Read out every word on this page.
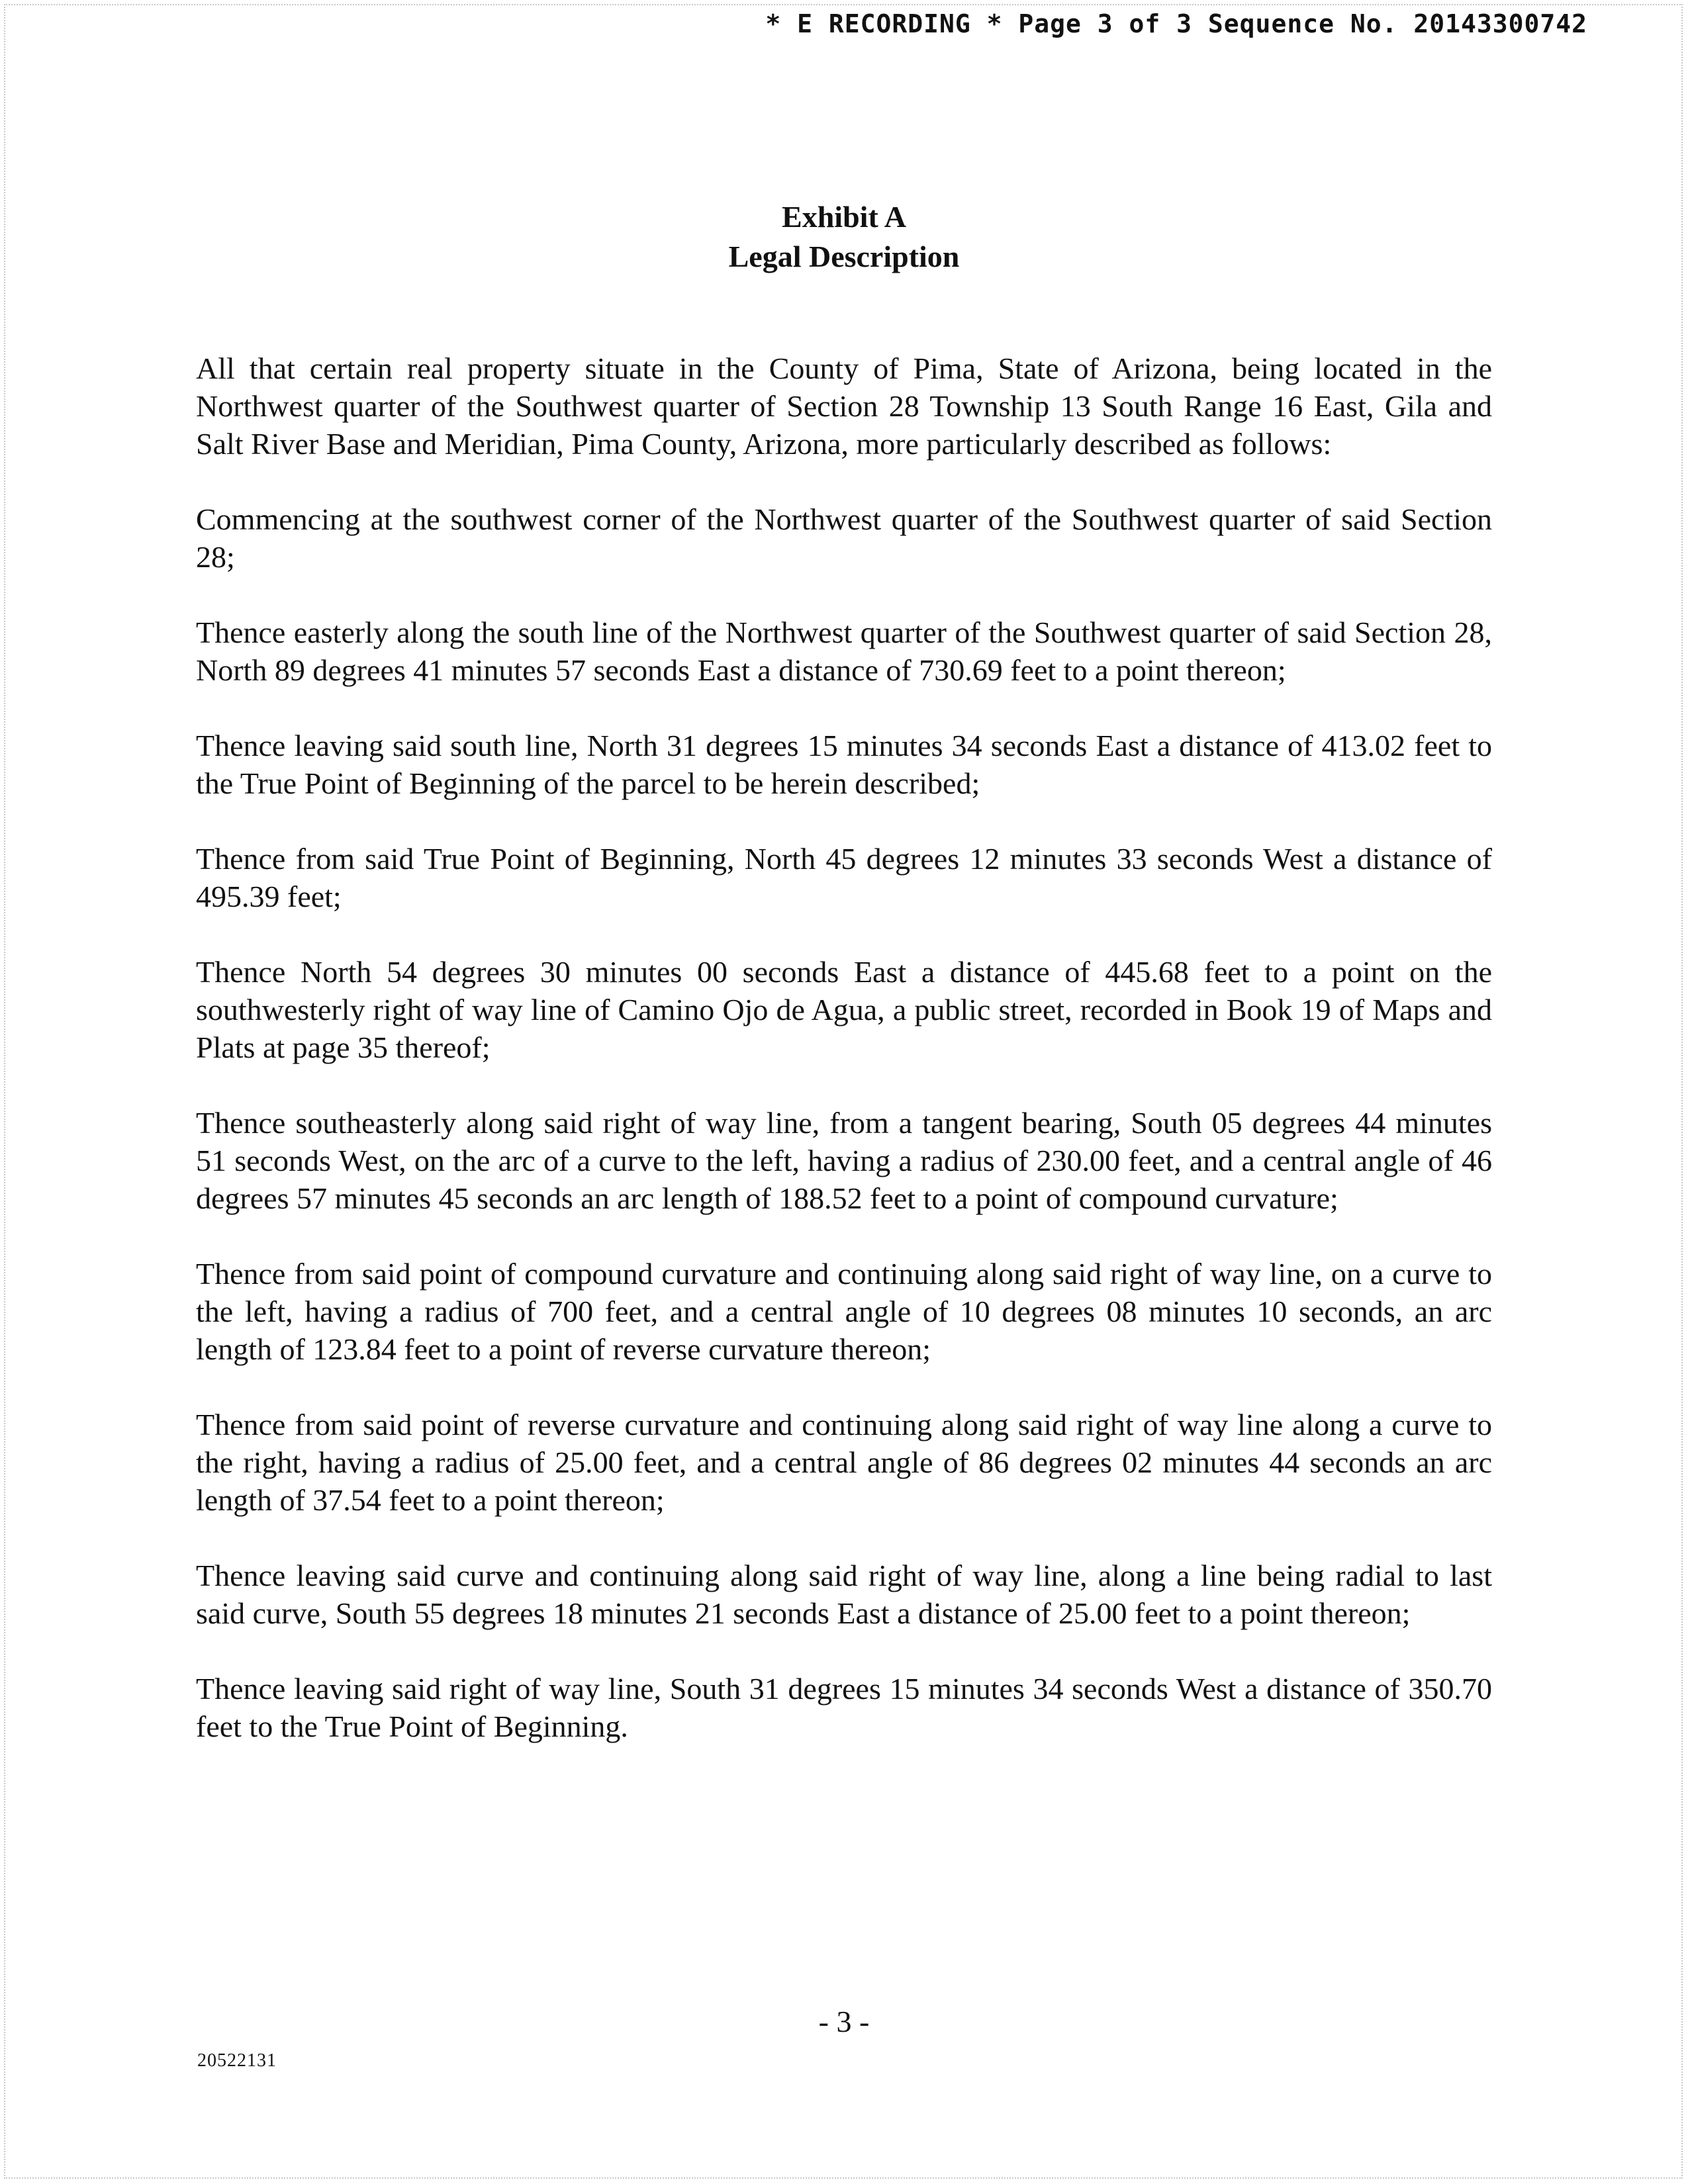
* E RECORDING * Page 3 of 3 Sequence No. 20143300742
Exhibit A
Legal Description

All that certain real property situate in the County of Pima, State of Arizona, being located in the Northwest quarter of the Southwest quarter of Section 28 Township 13 South Range 16 East, Gila and Salt River Base and Meridian, Pima County, Arizona, more particularly described as follows:

Commencing at the southwest corner of the Northwest quarter of the Southwest quarter of said Section 28;

Thence easterly along the south line of the Northwest quarter of the Southwest quarter of said Section 28, North 89 degrees 41 minutes 57 seconds East a distance of 730.69 feet to a point thereon;

Thence leaving said south line, North 31 degrees 15 minutes 34 seconds East a distance of 413.02 feet to the True Point of Beginning of the parcel to be herein described;

Thence from said True Point of Beginning, North 45 degrees 12 minutes 33 seconds West a distance of 495.39 feet;

Thence North 54 degrees 30 minutes 00 seconds East a distance of 445.68 feet to a point on the southwesterly right of way line of Camino Ojo de Agua, a public street, recorded in Book 19 of Maps and Plats at page 35 thereof;

Thence southeasterly along said right of way line, from a tangent bearing, South 05 degrees 44 minutes 51 seconds West, on the arc of a curve to the left, having a radius of 230.00 feet, and a central angle of 46 degrees 57 minutes 45 seconds an arc length of 188.52 feet to a point of compound curvature;

Thence from said point of compound curvature and continuing along said right of way line, on a curve to the left, having a radius of 700 feet, and a central angle of 10 degrees 08 minutes 10 seconds, an arc length of 123.84 feet to a point of reverse curvature thereon;

Thence from said point of reverse curvature and continuing along said right of way line along a curve to the right, having a radius of 25.00 feet, and a central angle of 86 degrees 02 minutes 44 seconds an arc length of 37.54 feet to a point thereon;

Thence leaving said curve and continuing along said right of way line, along a line being radial to last said curve, South 55 degrees 18 minutes 21 seconds East a distance of 25.00 feet to a point thereon;

Thence leaving said right of way line, South 31 degrees 15 minutes 34 seconds West a distance of 350.70 feet to the True Point of Beginning.

- 3 -
20522131
